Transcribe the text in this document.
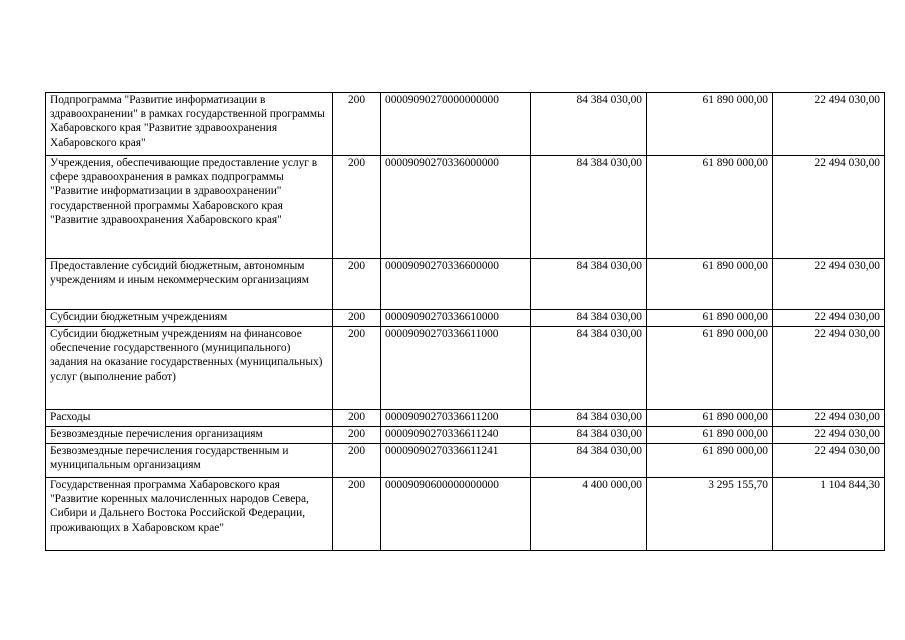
Подпрограмма "Развитие информатизации в здравоохранении" в рамках государственной программы Хабаровского края "Развитие здравоохранения Хабаровского края"	200	00009090270000000000	84 384 030,00	61 890 000,00	22 494 030,00
Учреждения, обеспечивающие предоставление услуг в сфере здравоохранения в рамках подпрограммы "Развитие информатизации в здравоохранении" государственной программы Хабаровского края "Развитие здравоохранения Хабаровского края"	200	00009090270336000000	84 384 030,00	61 890 000,00	22 494 030,00
Предоставление субсидий бюджетным, автономным учреждениям и иным некоммерческим организациям	200	00009090270336600000	84 384 030,00	61 890 000,00	22 494 030,00
Субсидии бюджетным учреждениям	200	00009090270336610000	84 384 030,00	61 890 000,00	22 494 030,00
Субсидии бюджетным учреждениям на финансовое обеспечение государственного (муниципального) задания на оказание государственных (муниципальных) услуг (выполнение работ)	200	00009090270336611000	84 384 030,00	61 890 000,00	22 494 030,00
Расходы	200	00009090270336611200	84 384 030,00	61 890 000,00	22 494 030,00
Безвозмездные перечисления организациям	200	00009090270336611240	84 384 030,00	61 890 000,00	22 494 030,00
Безвозмездные перечисления государственным и муниципальным организациям	200	00009090270336611241	84 384 030,00	61 890 000,00	22 494 030,00
Государственная программа Хабаровского края "Развитие коренных малочисленных народов Севера, Сибири и Дальнего Востока Российской Федерации, проживающих в Хабаровском крае"	200	00009090600000000000	4 400 000,00	3 295 155,70	1 104 844,30
